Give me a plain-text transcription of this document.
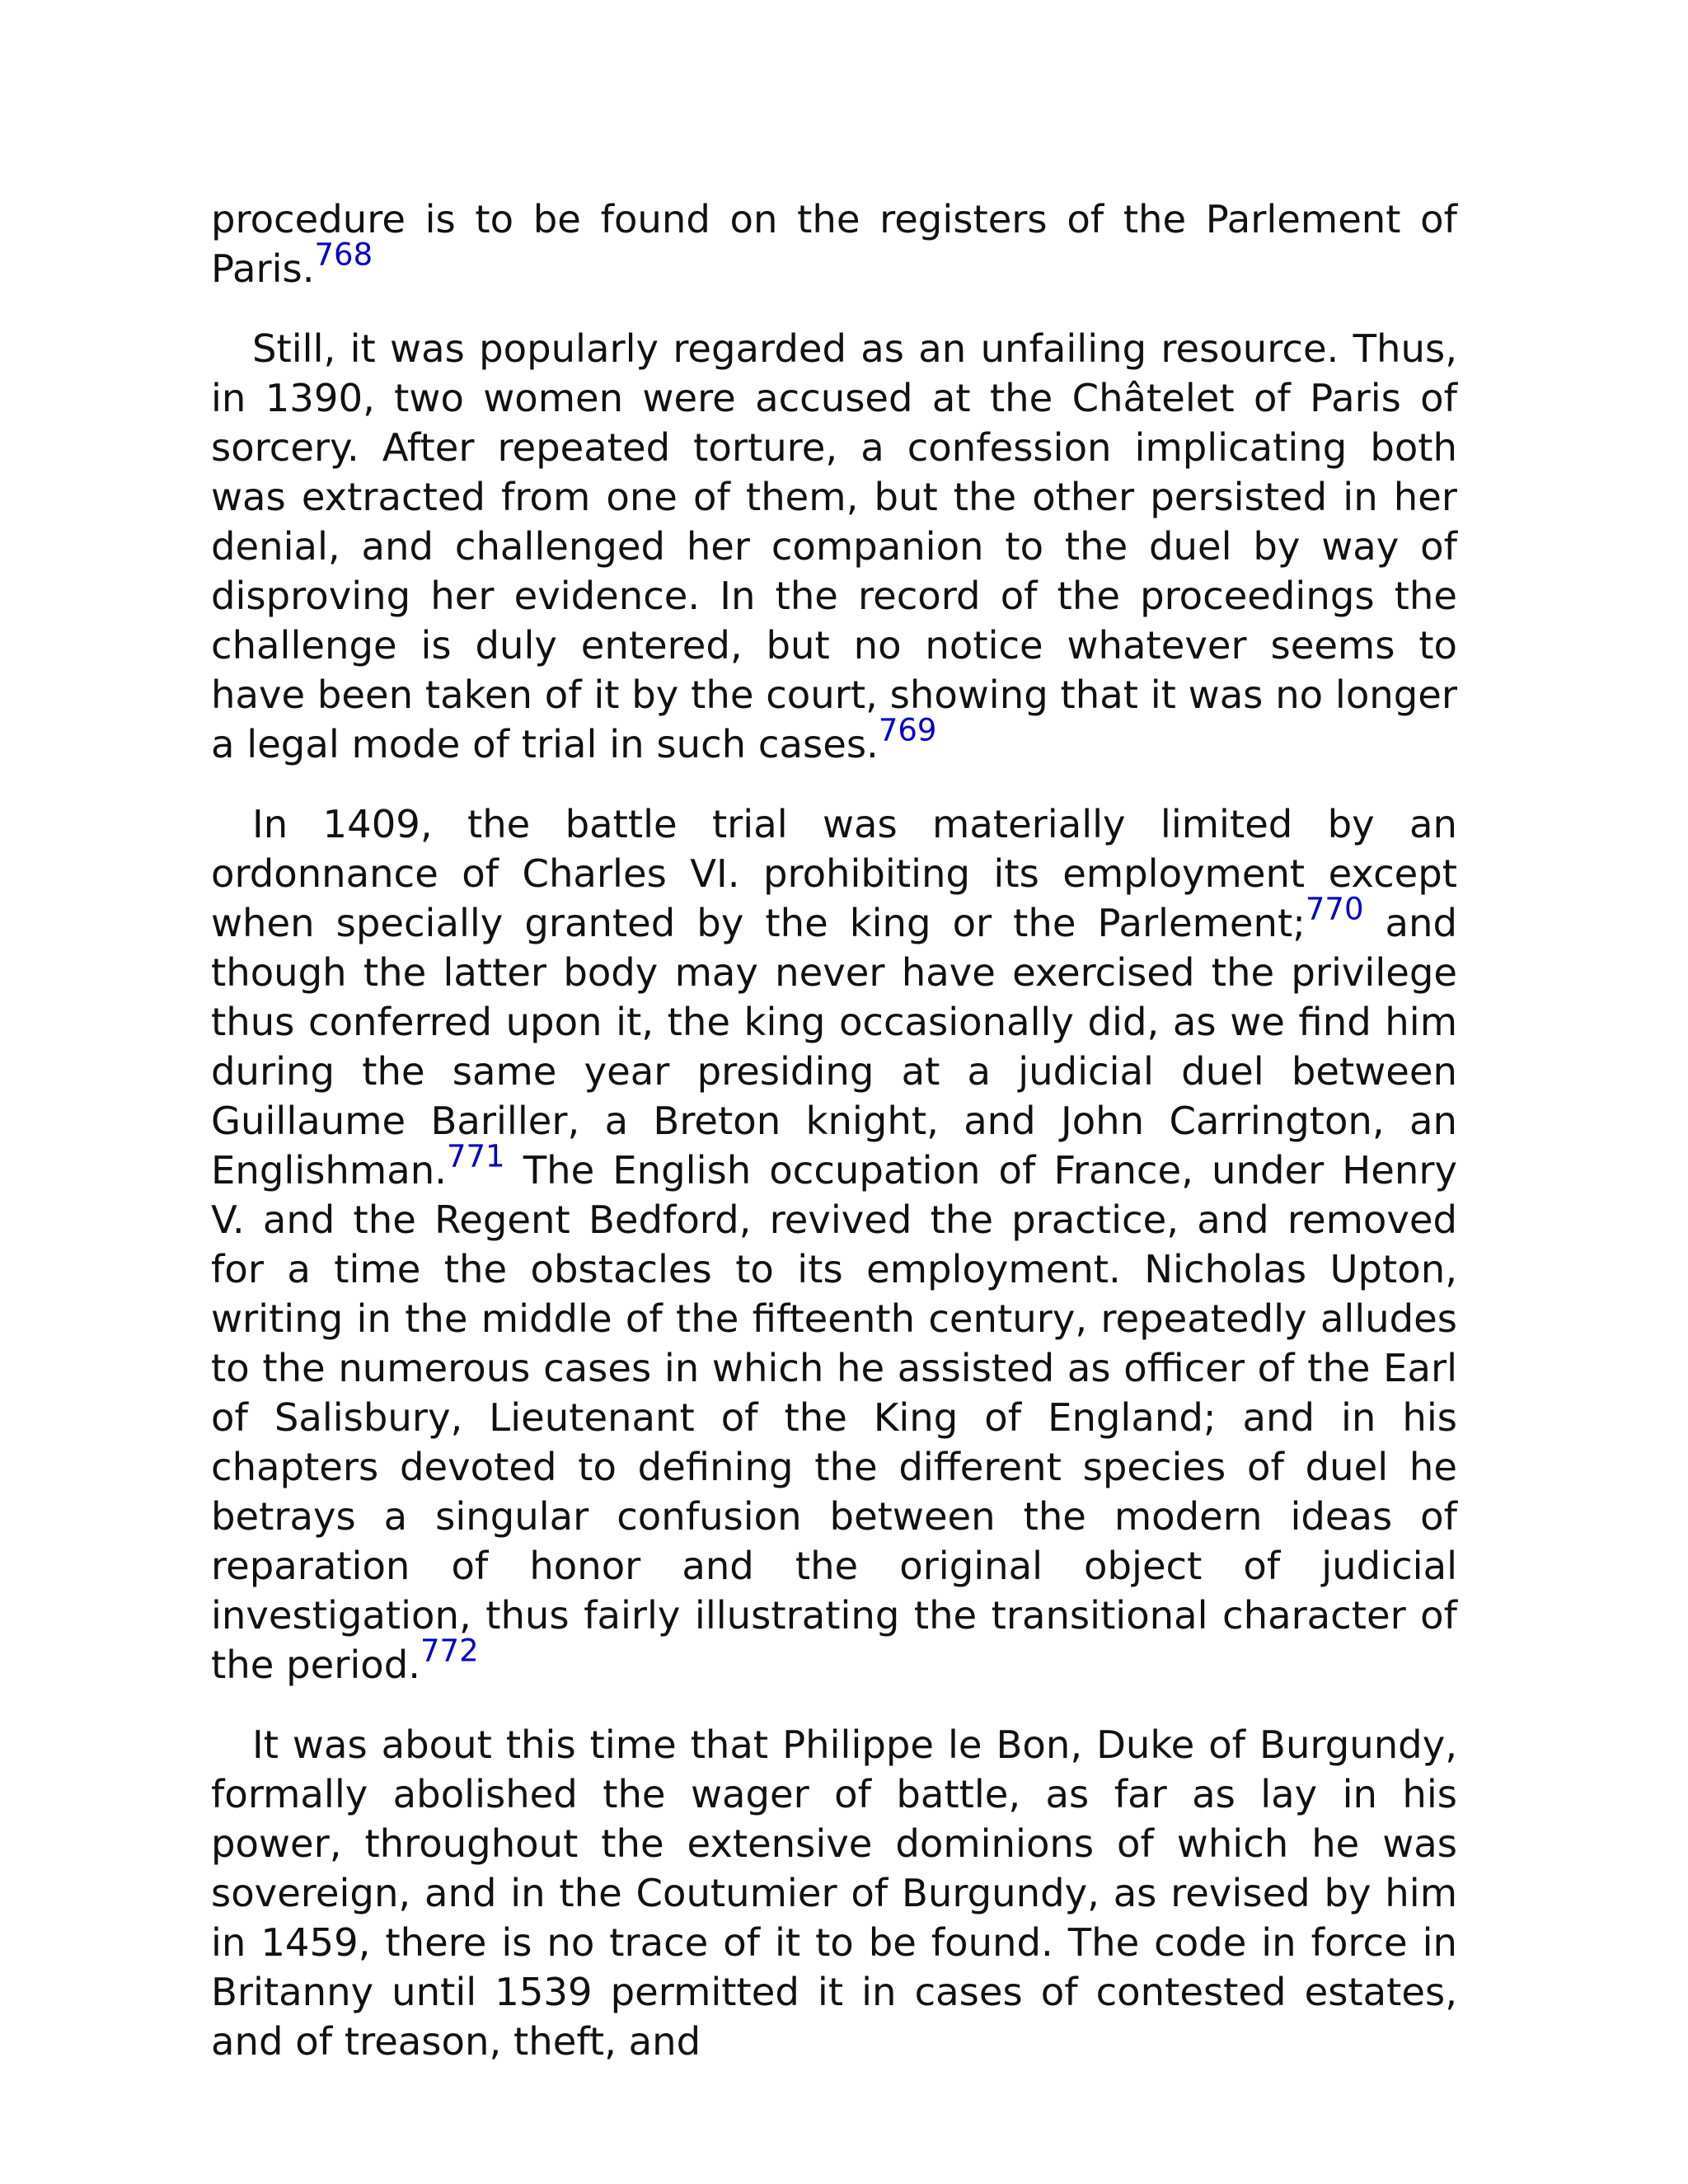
procedure is to be found on the registers of the Parlement of Paris.$^{768}$

Still, it was popularly regarded as an unfailing resource. Thus, in 1390, two women were accused at the Châtelet of Paris of sorcery. After repeated torture, a confession implicating both was extracted from one of them, but the other persisted in her denial, and challenged her companion to the duel by way of disproving her evidence. In the record of the proceedings the challenge is duly entered, but no notice whatever seems to have been taken of it by the court, showing that it was no longer a legal mode of trial in such cases.$^{769}$

In 1409, the battle trial was materially limited by an ordonnance of Charles VI. prohibiting its employment except when specially granted by the king or the Parlement;$^{770}$ and though the latter body may never have exercised the privilege thus conferred upon it, the king occasionally did, as we find him during the same year presiding at a judicial duel between Guillaume Bariller, a Breton knight, and John Carrington, an Englishman.$^{771}$ The English occupation of France, under Henry V. and the Regent Bedford, revived the practice, and removed for a time the obstacles to its employment. Nicholas Upton, writing in the middle of the fifteenth century, repeatedly alludes to the numerous cases in which he assisted as officer of the Earl of Salisbury, Lieutenant of the King of England; and in his chapters devoted to defining the different species of duel he betrays a singular confusion between the modern ideas of reparation of honor and the original object of judicial investigation, thus fairly illustrating the transitional character of the period.$^{772}$

It was about this time that Philippe le Bon, Duke of Burgundy, formally abolished the wager of battle, as far as lay in his power, throughout the extensive dominions of which he was sovereign, and in the Coutumier of Burgundy, as revised by him in 1459, there is no trace of it to be found. The code in force in Britanny until 1539 permitted it in cases of contested estates, and of treason, theft, and
